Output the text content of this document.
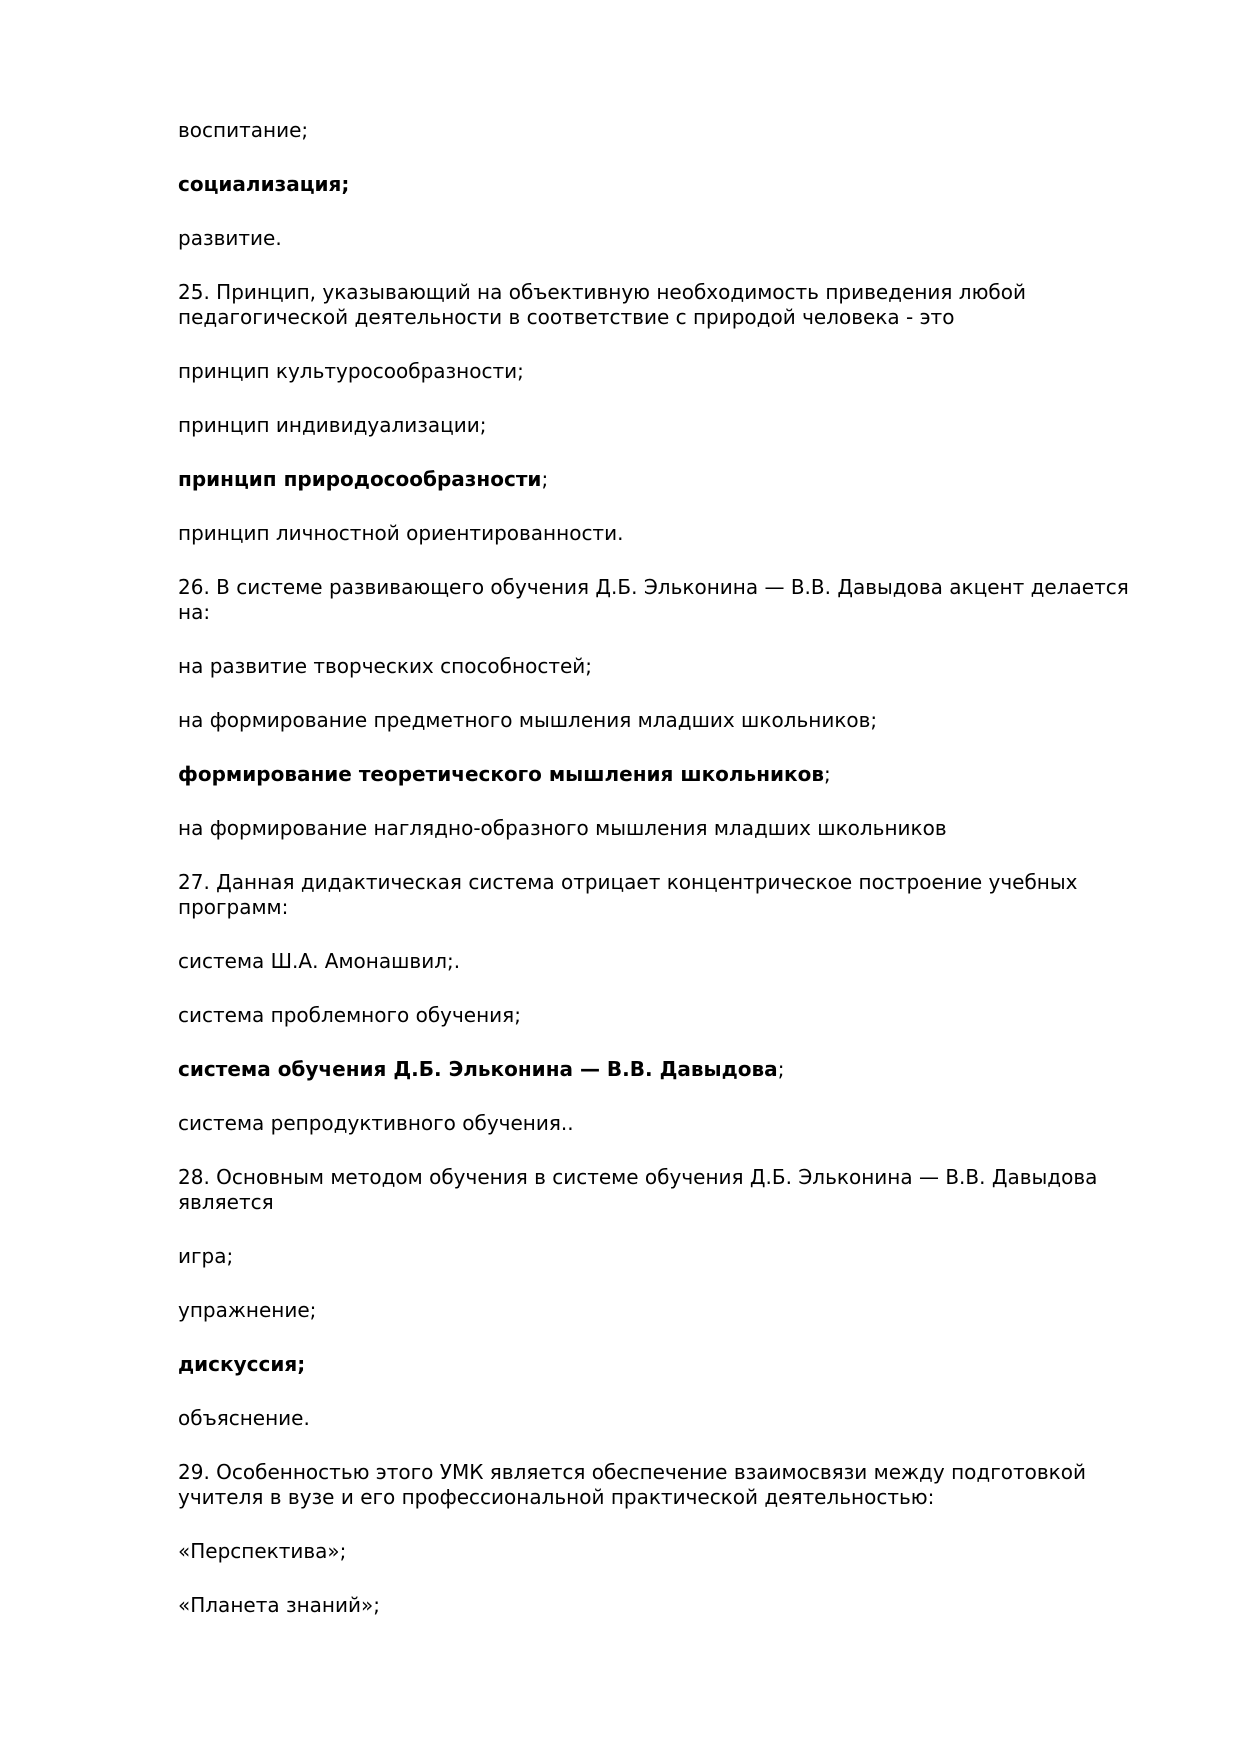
воспитание;

социализация;

развитие.

25. Принцип, указывающий на объективную необходимость приведения любой педагогической деятельности в соответствие с природой человека - это

принцип культуросообразности;

принцип индивидуализации;

принцип природосообразности;

принцип личностной ориентированности.

26. В системе развивающего обучения Д.Б. Эльконина — В.В. Давыдова акцент делается на:

на развитие творческих способностей;

на формирование предметного мышления младших школьников;

формирование теоретического мышления школьников;

на формирование наглядно-образного мышления младших школьников

27. Данная дидактическая система отрицает концентрическое построение учебных программ:

система Ш.А. Амонашвил;.

система проблемного обучения;

система обучения Д.Б. Эльконина — В.В. Давыдова;

система репродуктивного обучения..

28. Основным методом обучения в системе обучения Д.Б. Эльконина — В.В. Давыдова является

игра;

упражнение;

дискуссия;

объяснение.

29. Особенностью этого УМК является обеспечение взаимосвязи между подготовкой учителя в вузе и его профессиональной практической деятельностью:

«Перспектива»;

«Планета знаний»;
